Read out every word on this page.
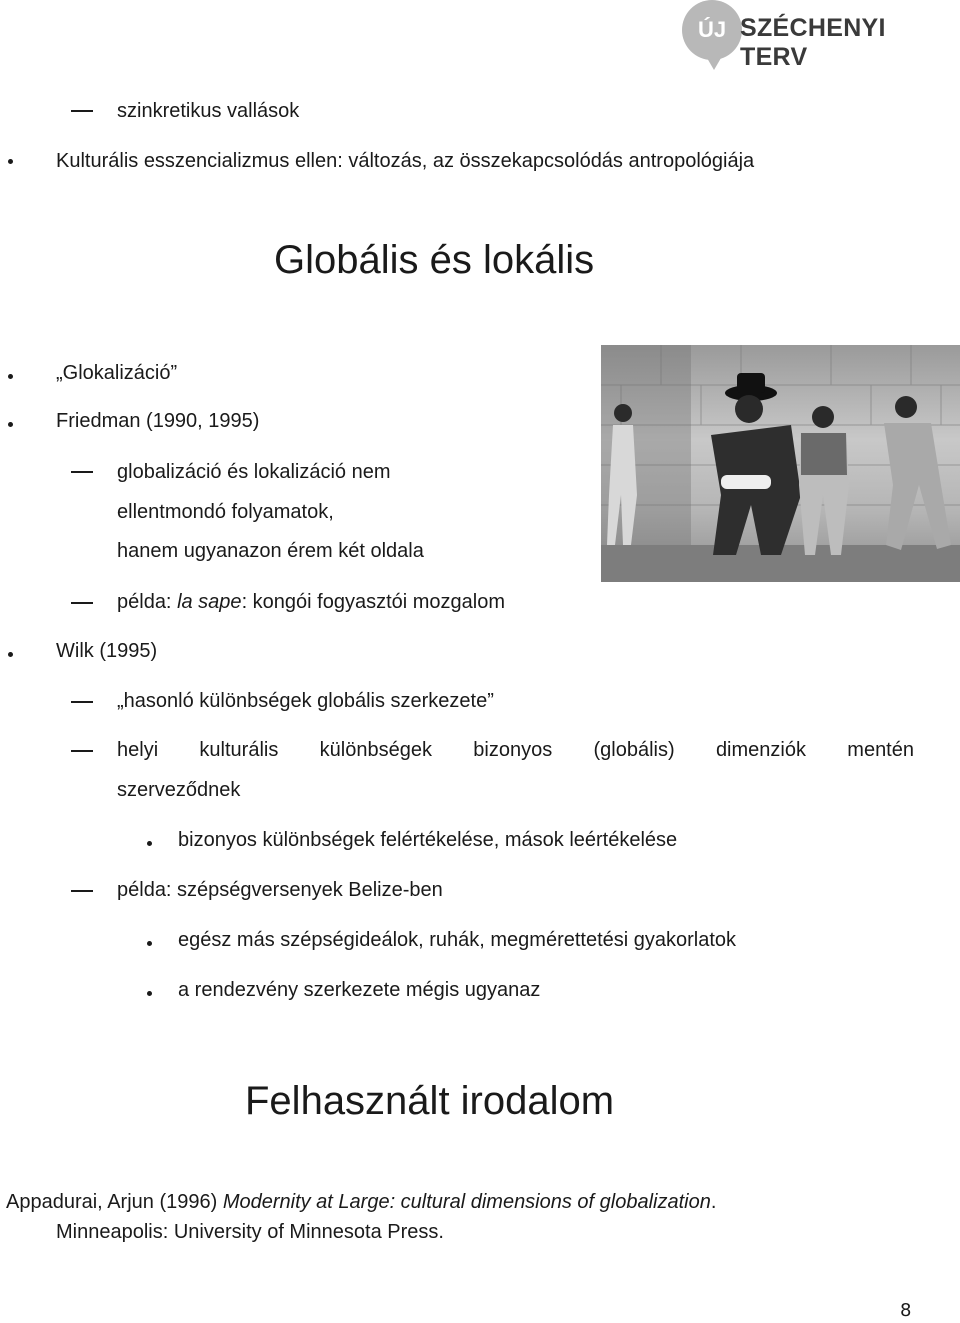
ÚJ SZÉCHENYI TERV
szinkretikus vallások
Kulturális esszencializmus ellen: változás, az összekapcsolódás antropológiája
Globális és lokális
„Glokalizáció”
Friedman (1990, 1995)
globalizáció és lokalizáció nem
ellentmondó folyamatok,
hanem ugyanazon érem két oldala
példa: la sape: kongói fogyasztói mozgalom
Wilk (1995)
„hasonló különbségek globális szerkezete”
helyi kulturális különbségek bizonyos (globális) dimenziók mentén
szerveződnek
bizonyos különbségek felértékelése, mások leértékelése
példa: szépségversenyek Belize-ben
egész más szépségideálok, ruhák, megmérettetési gyakorlatok
a rendezvény szerkezete mégis ugyanaz
Felhasznált irodalom
Appadurai, Arjun (1996) Modernity at Large: cultural dimensions of globalization.
Minneapolis: University of Minnesota Press.
8
